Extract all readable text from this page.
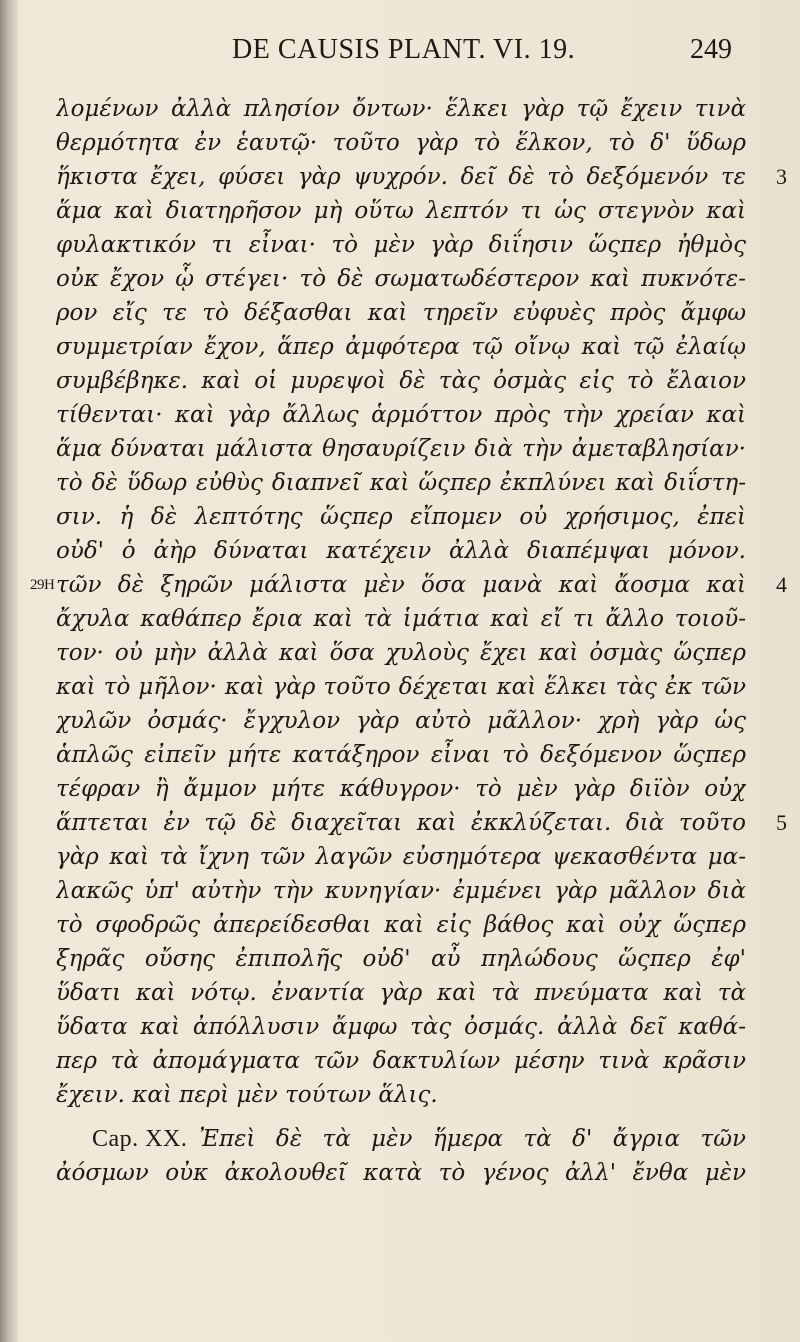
DE CAUSIS PLANT. VI. 19.	249
λομένων ἀλλὰ πλησίον ὄντων· ἕλκει γὰρ τῷ ἔχειν τινὰ
θερμότητα ἐν ἑαυτῷ· τοῦτο γὰρ τὸ ἕλκον, τὸ δ' ὕδωρ
ἥκιστα ἔχει, φύσει γὰρ ψυχρόν. δεῖ δὲ τὸ δεξόμενόν τε 3
ἅμα καὶ διατηρῆσον μὴ οὕτω λεπτόν τι ὡς στεγνὸν καὶ
φυλακτικόν τι εἶναι· τὸ μὲν γὰρ διΐησιν ὥςπερ ἠθμὸς
οὐκ ἔχον ᾧ στέγει· τὸ δὲ σωματωδέστερον καὶ πυκνότε-
ρον εἴς τε τὸ δέξασθαι καὶ τηρεῖν εὐφυὲς πρὸς ἄμφω
συμμετρίαν ἔχον, ἅπερ ἀμφότερα τῷ οἴνῳ καὶ τῷ ἐλαίῳ
συμβέβηκε. καὶ οἱ μυρεψοὶ δὲ τὰς ὀσμὰς εἰς τὸ ἔλαιον
τίθενται· καὶ γὰρ ἄλλως ἁρμόττον πρὸς τὴν χρείαν καὶ
ἅμα δύναται μάλιστα θησαυρίζειν διὰ τὴν ἀμεταβλησίαν·
τὸ δὲ ὕδωρ εὐθὺς διαπνεῖ καὶ ὥςπερ ἐκπλύνει καὶ διΐστη-
σιν. ἡ δὲ λεπτότης ὥςπερ εἴπομεν οὐ χρήσιμος, ἐπεὶ
οὐδ' ὁ ἀὴρ δύναται κατέχειν ἀλλὰ διαπέμψαι μόνον.
29H τῶν δὲ ξηρῶν μάλιστα μὲν ὅσα μανὰ καὶ ἄοσμα καὶ 4
ἄχυλα καθάπερ ἔρια καὶ τὰ ἱμάτια καὶ εἴ τι ἄλλο τοιοῦ-
τον· οὐ μὴν ἀλλὰ καὶ ὅσα χυλοὺς ἔχει καὶ ὀσμὰς ὥςπερ
καὶ τὸ μῆλον· καὶ γὰρ τοῦτο δέχεται καὶ ἕλκει τὰς ἐκ τῶν
χυλῶν ὀσμάς· ἔγχυλον γὰρ αὐτὸ μᾶλλον· χρὴ γὰρ ὡς
ἁπλῶς εἰπεῖν μήτε κατάξηρον εἶναι τὸ δεξόμενον ὥςπερ
τέφραν ἢ ἄμμον μήτε κάθυγρον· τὸ μὲν γὰρ διϊὸν οὐχ
ἅπτεται ἐν τῷ δὲ διαχεῖται καὶ ἐκκλύζεται. διὰ τοῦτο 5
γὰρ καὶ τὰ ἴχνη τῶν λαγῶν εὐσημότερα ψεκασθέντα μα-
λακῶς ὑπ' αὐτὴν τὴν κυνηγίαν· ἐμμένει γὰρ μᾶλλον διὰ
τὸ σφοδρῶς ἀπερείδεσθαι καὶ εἰς βάθος καὶ οὐχ ὥςπερ
ξηρᾶς οὔσης ἐπιπολῆς οὐδ' αὖ πηλώδους ὥςπερ ἐφ'
ὕδατι καὶ νότῳ. ἐναντία γὰρ καὶ τὰ πνεύματα καὶ τὰ
ὕδατα καὶ ἀπόλλυσιν ἄμφω τὰς ὀσμάς. ἀλλὰ δεῖ καθά-
περ τὰ ἀπομάγματα τῶν δακτυλίων μέσην τινὰ κρᾶσιν
ἔχειν. καὶ περὶ μὲν τούτων ἅλις.
Cap. XX. Ἐπεὶ δὲ τὰ μὲν ἥμερα τὰ δ' ἄγρια τῶν
ἀόσμων οὐκ ἀκολουθεῖ κατὰ τὸ γένος ἀλλ' ἔνθα μὲν
